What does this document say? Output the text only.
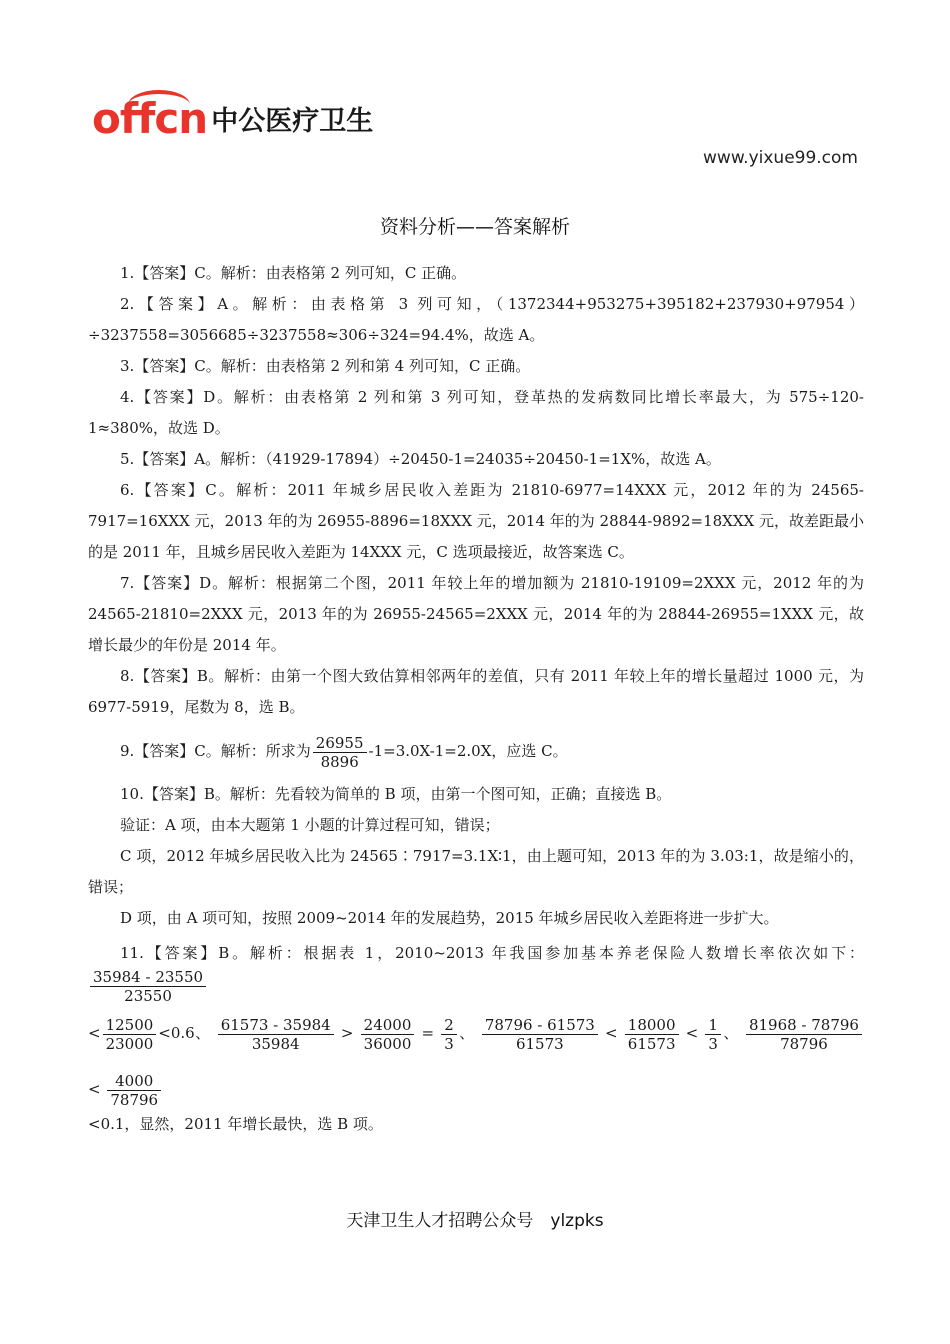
offcn 中公医疗卫生
www.yixue99.com
资料分析——答案解析

1.【答案】C。解析：由表格第 2 列可知，C 正确。

2.【答案】A。解析：由表格第 3 列可知，（1372344+953275+395182+237930+97954）÷3237558=3056685÷3237558≈306÷324=94.4%，故选 A。

3.【答案】C。解析：由表格第 2 列和第 4 列可知，C 正确。

4.【答案】D。解析：由表格第 2 列和第 3 列可知，登革热的发病数同比增长率最大，为 575÷120-1≈380%，故选 D。

5.【答案】A。解析：（41929-17894）÷20450-1=24035÷20450-1=1X%，故选 A。

6.【答案】C。解析：2011 年城乡居民收入差距为 21810-6977=14XXX 元，2012 年的为 24565-7917=16XXX 元，2013 年的为 26955-8896=18XXX 元，2014 年的为 28844-9892=18XXX 元，故差距最小的是 2011 年，且城乡居民收入差距为 14XXX 元，C 选项最接近，故答案选 C。

7.【答案】D。解析：根据第二个图，2011 年较上年的增加额为 21810-19109=2XXX 元，2012 年的为 24565-21810=2XXX 元，2013 年的为 26955-24565=2XXX 元，2014 年的为 28844-26955=1XXX 元，故增长最少的年份是 2014 年。

8.【答案】B。解析：由第一个图大致估算相邻两年的差值，只有 2011 年较上年的增长量超过 1000 元，为 6977-5919，尾数为 8，选 B。

9.【答案】C。解析：所求为 $\frac{26955}{8896} -1=3.0X-1=2.0X$，应选 C。

10.【答案】B。解析：先看较为简单的 B 项，由第一个图可知，正确；直接选 B。

验证：A 项，由本大题第 1 小题的计算过程可知，错误；

C 项，2012 年城乡居民收入比为 24565∶7917=3.1X∶1，由上题可知，2013 年的为 3.03:1，故是缩小的，错误；

D 项，由 A 项可知，按照 2009~2014 年的发展趋势，2015 年城乡居民收入差距将进一步扩大。

11.【答案】B。解析：根据表 1，2010~2013 年我国参加基本养老保险人数增长率依次如下：
$\frac{35984 - 23550}{23550}$

< $\frac{12500}{23000} <0.6$、 $\frac{61573 - 35984}{35984} > \frac{24000}{36000} = \frac{2}{3}$ 、 $\frac{78796 - 61573}{61573} < \frac{18000}{61573} < \frac{1}{3}$ 、 $\frac{81968 - 78796}{78796}$
< $\frac{4000}{78796}$

<0.1，显然，2011 年增长最快，选 B 项。

天津卫生人才招聘公众号　ylzpks
